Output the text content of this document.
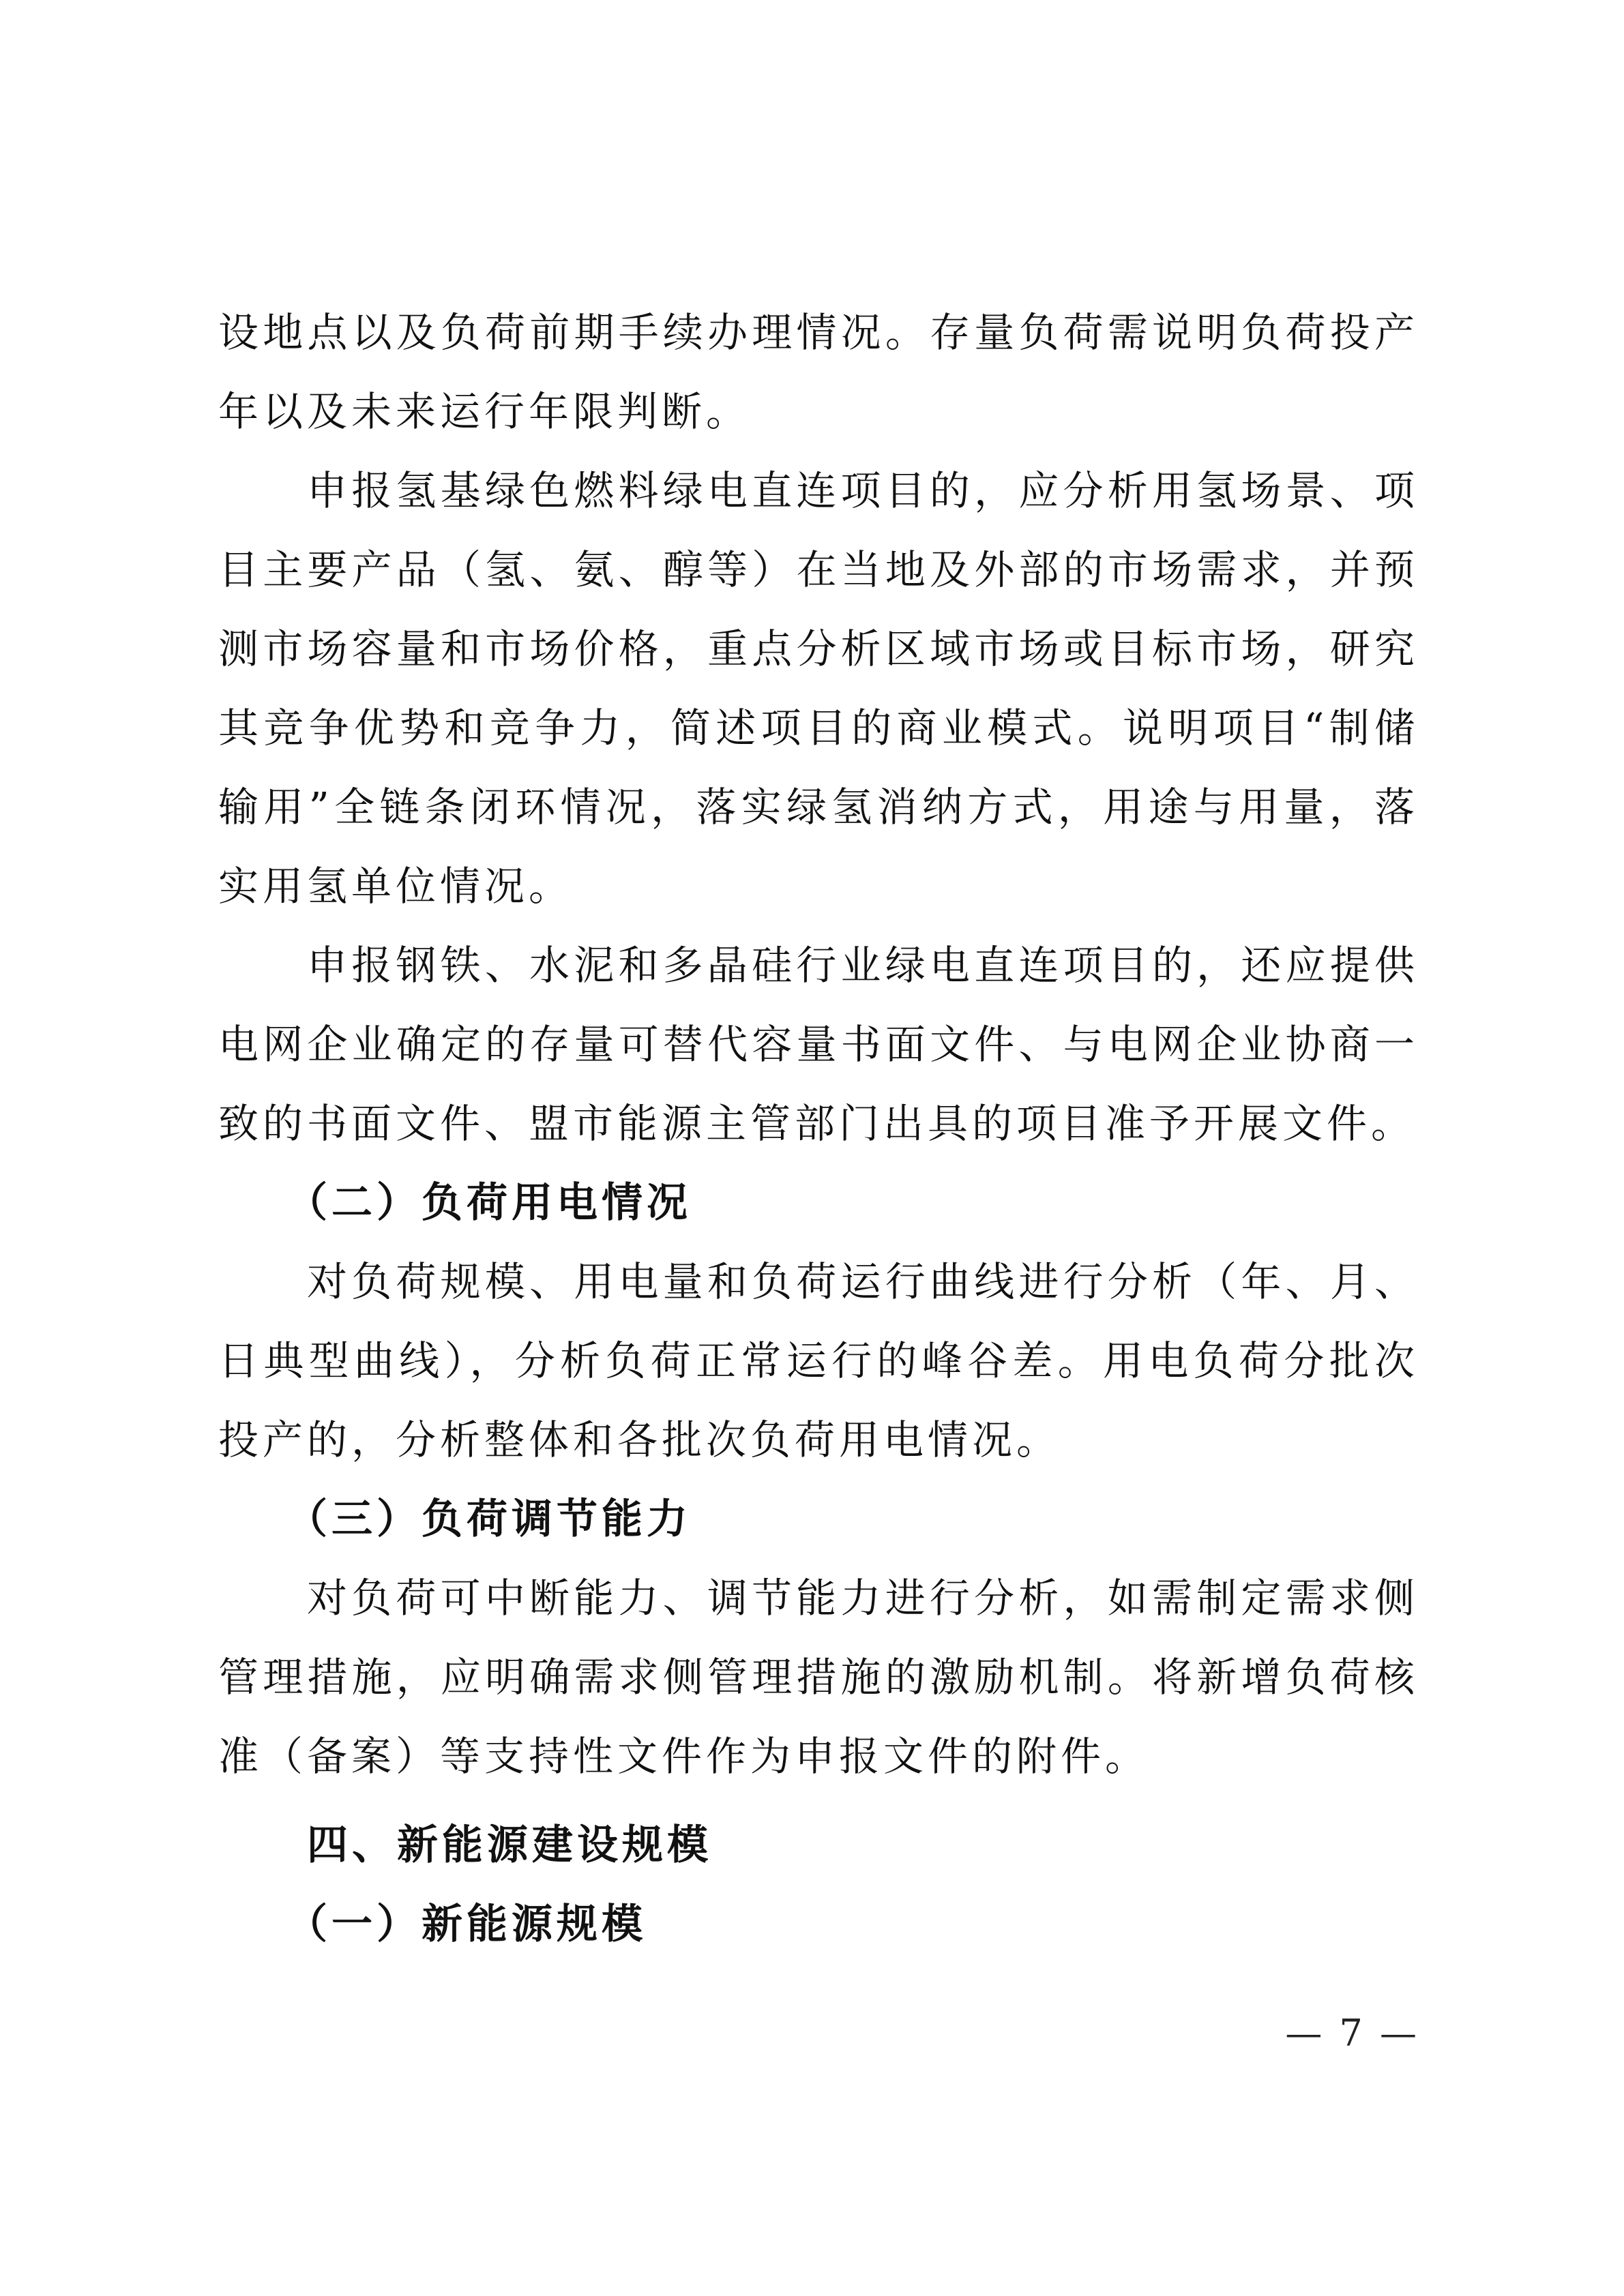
设地点以及负荷前期手续办理情况。存量负荷需说明负荷投产年以及未来运行年限判断。

申报氢基绿色燃料绿电直连项目的，应分析用氢场景、项目主要产品（氢、氨、醇等）在当地及外部的市场需求，并预测市场容量和市场价格，重点分析区域市场或目标市场，研究其竞争优势和竞争力，简述项目的商业模式。说明项目“制储输用”全链条闭环情况，落实绿氢消纳方式，用途与用量，落实用氢单位情况。

申报钢铁、水泥和多晶硅行业绿电直连项目的，还应提供电网企业确定的存量可替代容量书面文件、与电网企业协商一致的书面文件、盟市能源主管部门出具的项目准予开展文件。

（二）负荷用电情况

对负荷规模、用电量和负荷运行曲线进行分析（年、月、日典型曲线），分析负荷正常运行的峰谷差。用电负荷分批次投产的，分析整体和各批次负荷用电情况。

（三）负荷调节能力

对负荷可中断能力、调节能力进行分析，如需制定需求侧管理措施，应明确需求侧管理措施的激励机制。将新增负荷核准（备案）等支持性文件作为申报文件的附件。

四、新能源建设规模

（一）新能源规模

— 7 —
